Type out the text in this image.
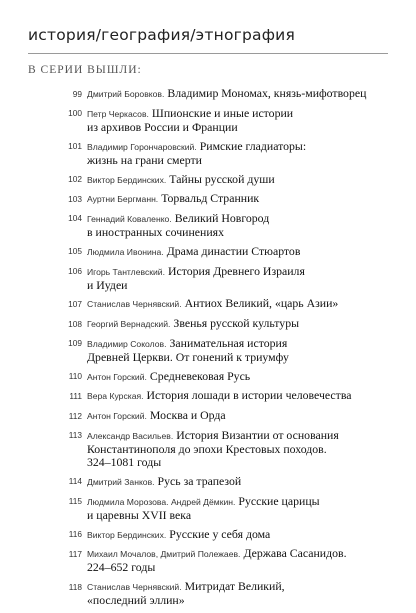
история/география/этнография
В СЕРИИ ВЫШЛИ:
99 Дмитрий Боровков. Владимир Мономах, князь-мифотворец
100 Петр Черкасов. Шпионские и иные истории
из архивов России и Франции
101 Владимир Горончаровский. Римские гладиаторы:
жизнь на грани смерти
102 Виктор Бердинских. Тайны русской души
103 Ауртни Бергманн. Торвальд Странник
104 Геннадий Коваленко. Великий Новгород
в иностранных сочинениях
105 Людмила Ивонина. Драма династии Стюартов
106 Игорь Тантлевский. История Древнего Израиля
и Иудеи
107 Станислав Чернявский. Антиох Великий, «царь Азии»
108 Георгий Вернадский. Звенья русской культуры
109 Владимир Соколов. Занимательная история
Древней Церкви. От гонений к триумфу
110 Антон Горский. Средневековая Русь
111 Вера Курская. История лошади в истории человечества
112 Антон Горский. Москва и Орда
113 Александр Васильев. История Византии от основания
Константинополя до эпохи Крестовых походов.
324–1081 годы
114 Дмитрий Занков. Русь за трапезой
115 Людмила Морозова. Андрей Дёмкин. Русские царицы
и царевны XVII века
116 Виктор Бердинских. Русские у себя дома
117 Михаил Мочалов, Дмитрий Полежаев. Держава Сасанидов.
224–652 годы
118 Станислав Чернявский. Митридат Великий,
«последний эллин»
